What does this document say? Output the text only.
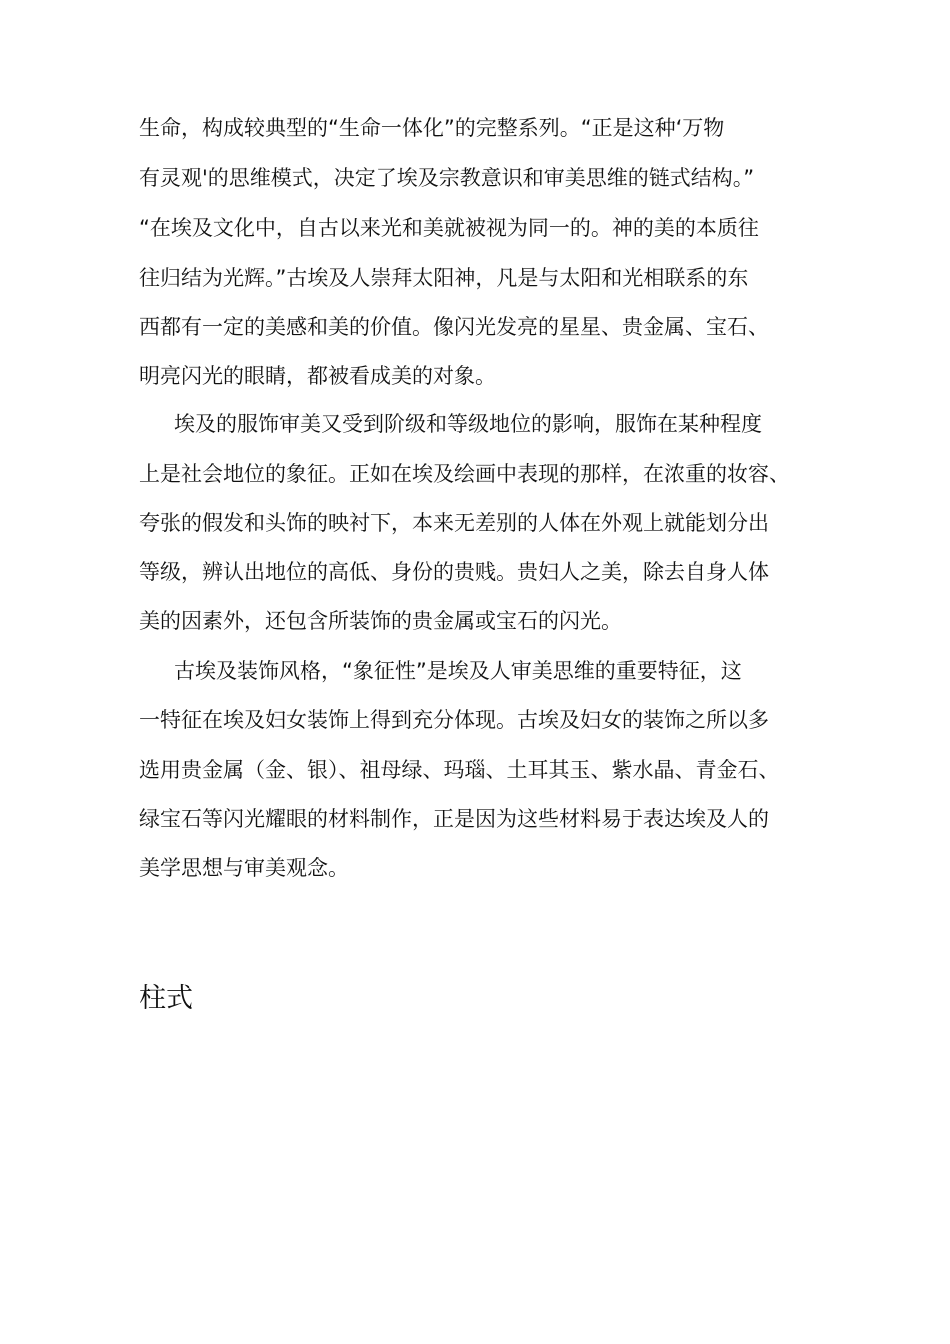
生命，构成较典型的“生命一体化”的完整系列。“正是这种‘万物
有灵观'的思维模式，决定了埃及宗教意识和审美思维的链式结构。”
“在埃及文化中，自古以来光和美就被视为同一的。神的美的本质往
往归结为光辉。”古埃及人崇拜太阳神，凡是与太阳和光相联系的东
西都有一定的美感和美的价值。像闪光发亮的星星、贵金属、宝石、
明亮闪光的眼睛，都被看成美的对象。
埃及的服饰审美又受到阶级和等级地位的影响，服饰在某种程度
上是社会地位的象征。正如在埃及绘画中表现的那样，在浓重的妆容、
夸张的假发和头饰的映衬下，本来无差别的人体在外观上就能划分出
等级，辨认出地位的高低、身份的贵贱。贵妇人之美，除去自身人体
美的因素外，还包含所装饰的贵金属或宝石的闪光。
古埃及装饰风格，“象征性”是埃及人审美思维的重要特征，这
一特征在埃及妇女装饰上得到充分体现。古埃及妇女的装饰之所以多
选用贵金属（金、银）、祖母绿、玛瑙、土耳其玉、紫水晶、青金石、
绿宝石等闪光耀眼的材料制作，正是因为这些材料易于表达埃及人的
美学思想与审美观念。
柱式
